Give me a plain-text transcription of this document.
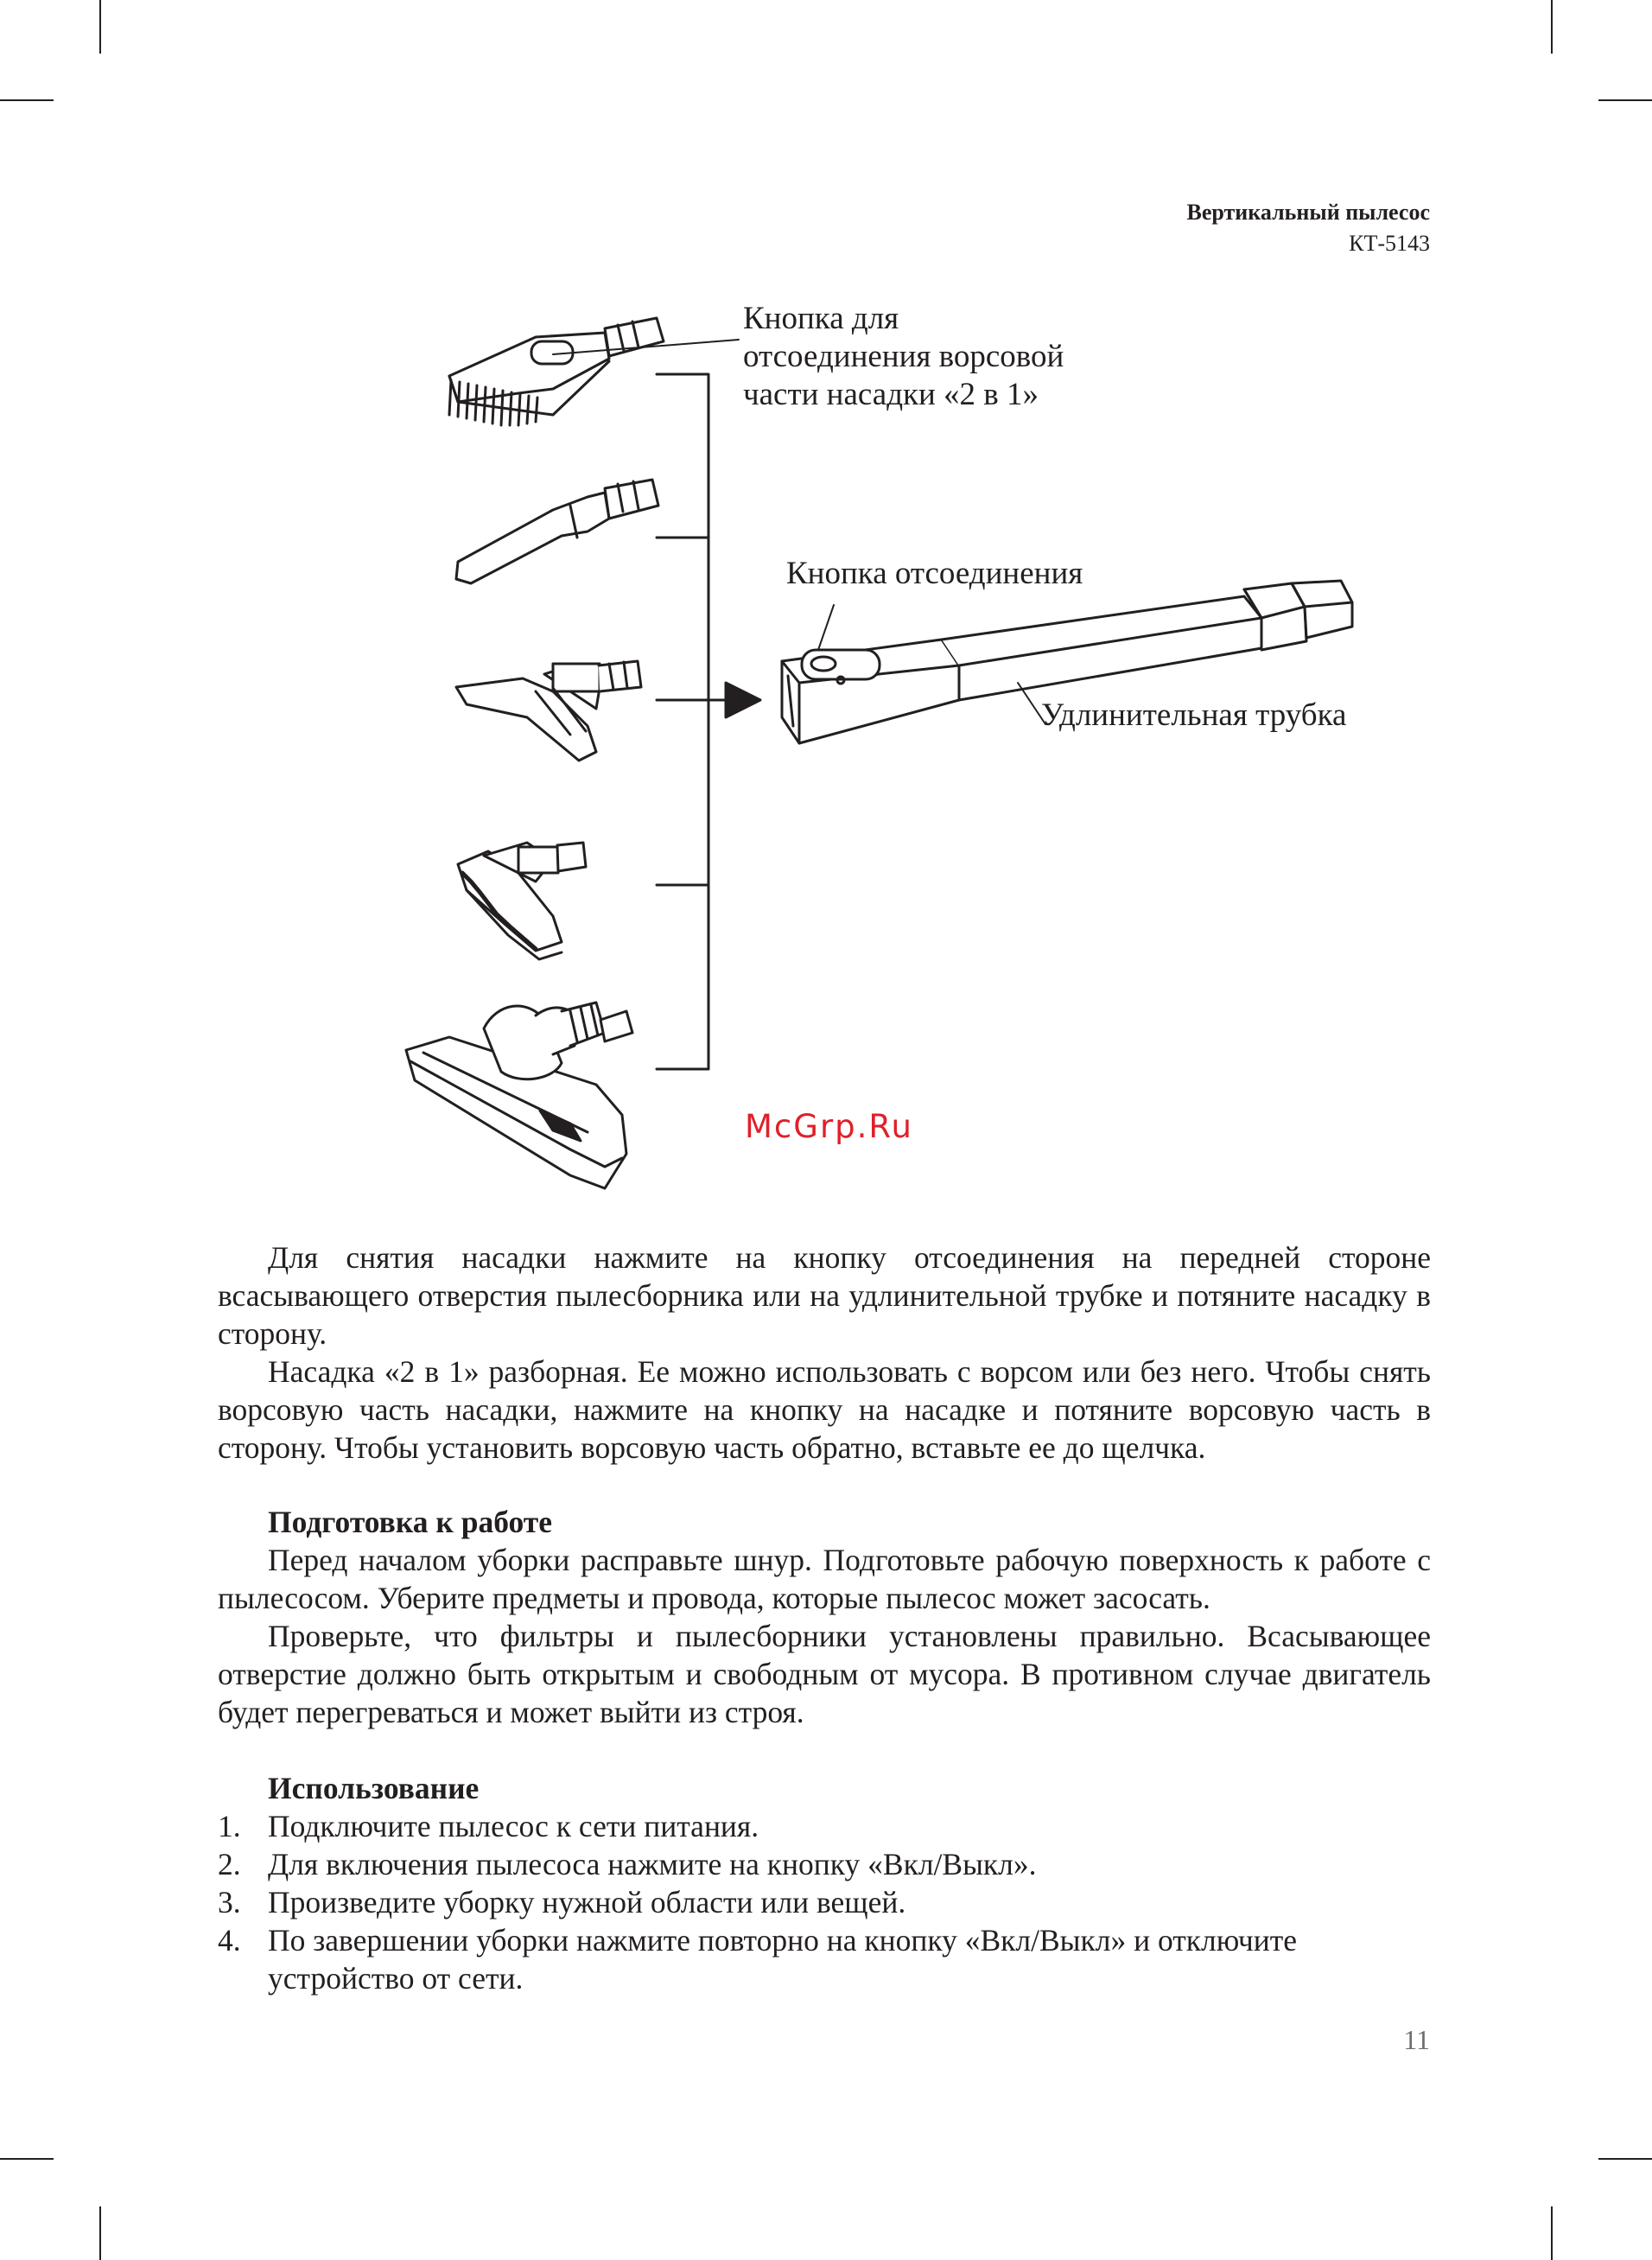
Вертикальный пылесос
КТ-5143
Кнопка для
отсоединения ворсовой
части насадки «2 в 1»
Кнопка отсоединения
Удлинительная трубка
McGrp.Ru

Для снятия насадки нажмите на кнопку отсоединения на передней стороне всасывающего отверстия пылесборника или на удлинительной трубке и потяните насадку в сторону.

Насадка «2 в 1» разборная. Ее можно использовать с ворсом или без него. Чтобы снять ворсовую часть насадки, нажмите на кнопку на насадке и потяните ворсовую часть в сторону. Чтобы установить ворсовую часть обратно, вставьте ее до щелчка.

Подготовка к работе

Перед началом уборки расправьте шнур. Подготовьте рабочую поверхность к работе с пылесосом. Уберите предметы и провода, которые пылесос может засосать.

Проверьте, что фильтры и пылесборники установлены правильно. Всасывающее отверстие должно быть открытым и свободным от мусора. В противном случае двигатель будет перегреваться и может выйти из строя.

Использование

1. Подключите пылесос к сети питания.
2. Для включения пылесоса нажмите на кнопку «Вкл/Выкл».
3. Произведите уборку нужной области или вещей.
4. По завершении уборки нажмите повторно на кнопку «Вкл/Выкл» и отключите устройство от сети.
11
